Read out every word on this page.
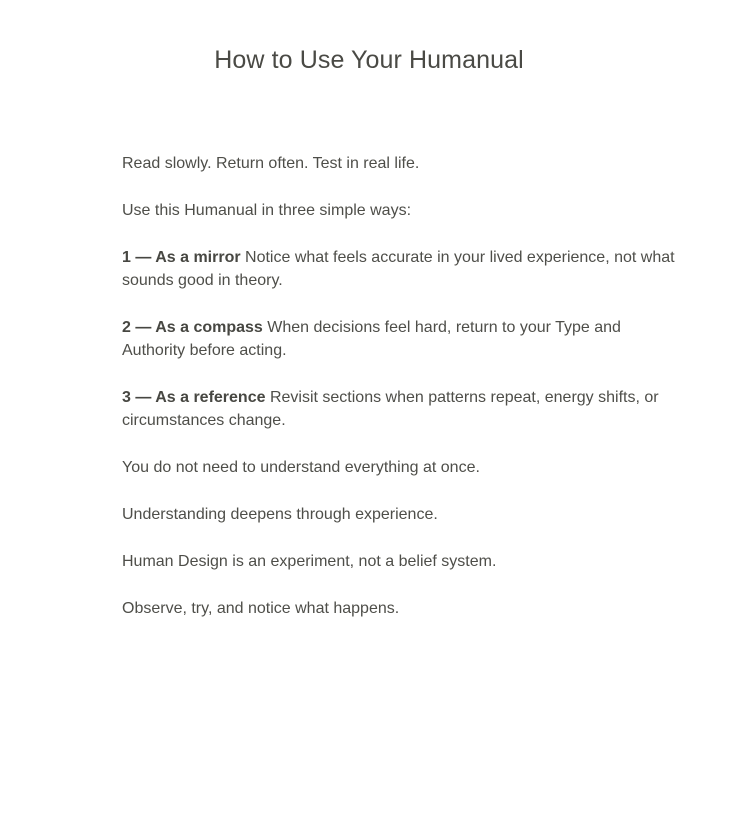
How to Use Your Humanual

Read slowly. Return often. Test in real life.

Use this Humanual in three simple ways:

1 — As a mirror Notice what feels accurate in your lived experience, not what sounds good in theory.

2 — As a compass When decisions feel hard, return to your Type and Authority before acting.

3 — As a reference Revisit sections when patterns repeat, energy shifts, or circumstances change.

You do not need to understand everything at once.

Understanding deepens through experience.

Human Design is an experiment, not a belief system.

Observe, try, and notice what happens.
